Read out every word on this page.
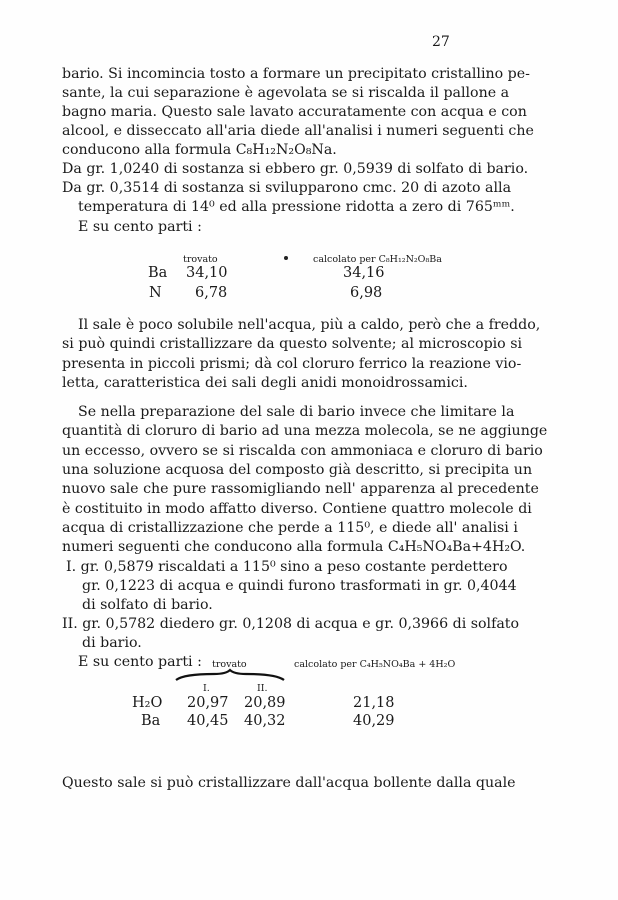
27
bario. Si incomincia tosto a formare un precipitato cristallino pe-
sante, la cui separazione è agevolata se si riscalda il pallone a
bagno maria. Questo sale lavato accuratamente con acqua e con
alcool, e disseccato all'aria diede all'analisi i numeri seguenti che
conducono alla formula C₈H₁₂N₂O₈Na.
Da gr. 1,0240 di sostanza si ebbero gr. 0,5939 di solfato di bario.
Da gr. 0,3514 di sostanza si svilupparono cmc. 20 di azoto alla
temperatura di 14⁰ ed alla pressione ridotta a zero di 765ᵐᵐ.
E su cento parti :
Il sale è poco solubile nell'acqua, più a caldo, però che a freddo,
si può quindi cristallizzare da questo solvente; al microscopio si
presenta in piccoli prismi; dà col cloruro ferrico la reazione vio-
letta, caratteristica dei sali degli anidi monoidrossamici.
Se nella preparazione del sale di bario invece che limitare la
quantità di cloruro di bario ad una mezza molecola, se ne aggiunge
un eccesso, ovvero se si riscalda con ammoniaca e cloruro di bario
una soluzione acquosa del composto già descritto, si precipita un
nuovo sale che pure rassomigliando nell' apparenza al precedente
è costituito in modo affatto diverso. Contiene quattro molecole di
acqua di cristallizzazione che perde a 115⁰, e diede all' analisi i
numeri seguenti che conducono alla formula C₄H₅NO₄Ba+4H₂O.
I. gr. 0,5879 riscaldati a 115⁰ sino a peso costante perdettero
gr. 0,1223 di acqua e quindi furono trasformati in gr. 0,4044
di solfato di bario.
II. gr. 0,5782 diedero gr. 0,1208 di acqua e gr. 0,3966 di solfato
di bario.
E su cento parti :
Questo sale si può cristallizzare dall'acqua bollente dalla quale
trovato	calcolato per C₈H₁₂N₂O₈Ba
Ba 34,10	34,16
N 6,78	6,98
trovato	calcolato per C₄H₅NO₄Ba + 4H₂O
I.	II.
H₂O 20,97 20,89	21,18
Ba 40,45 40,32	40,29
